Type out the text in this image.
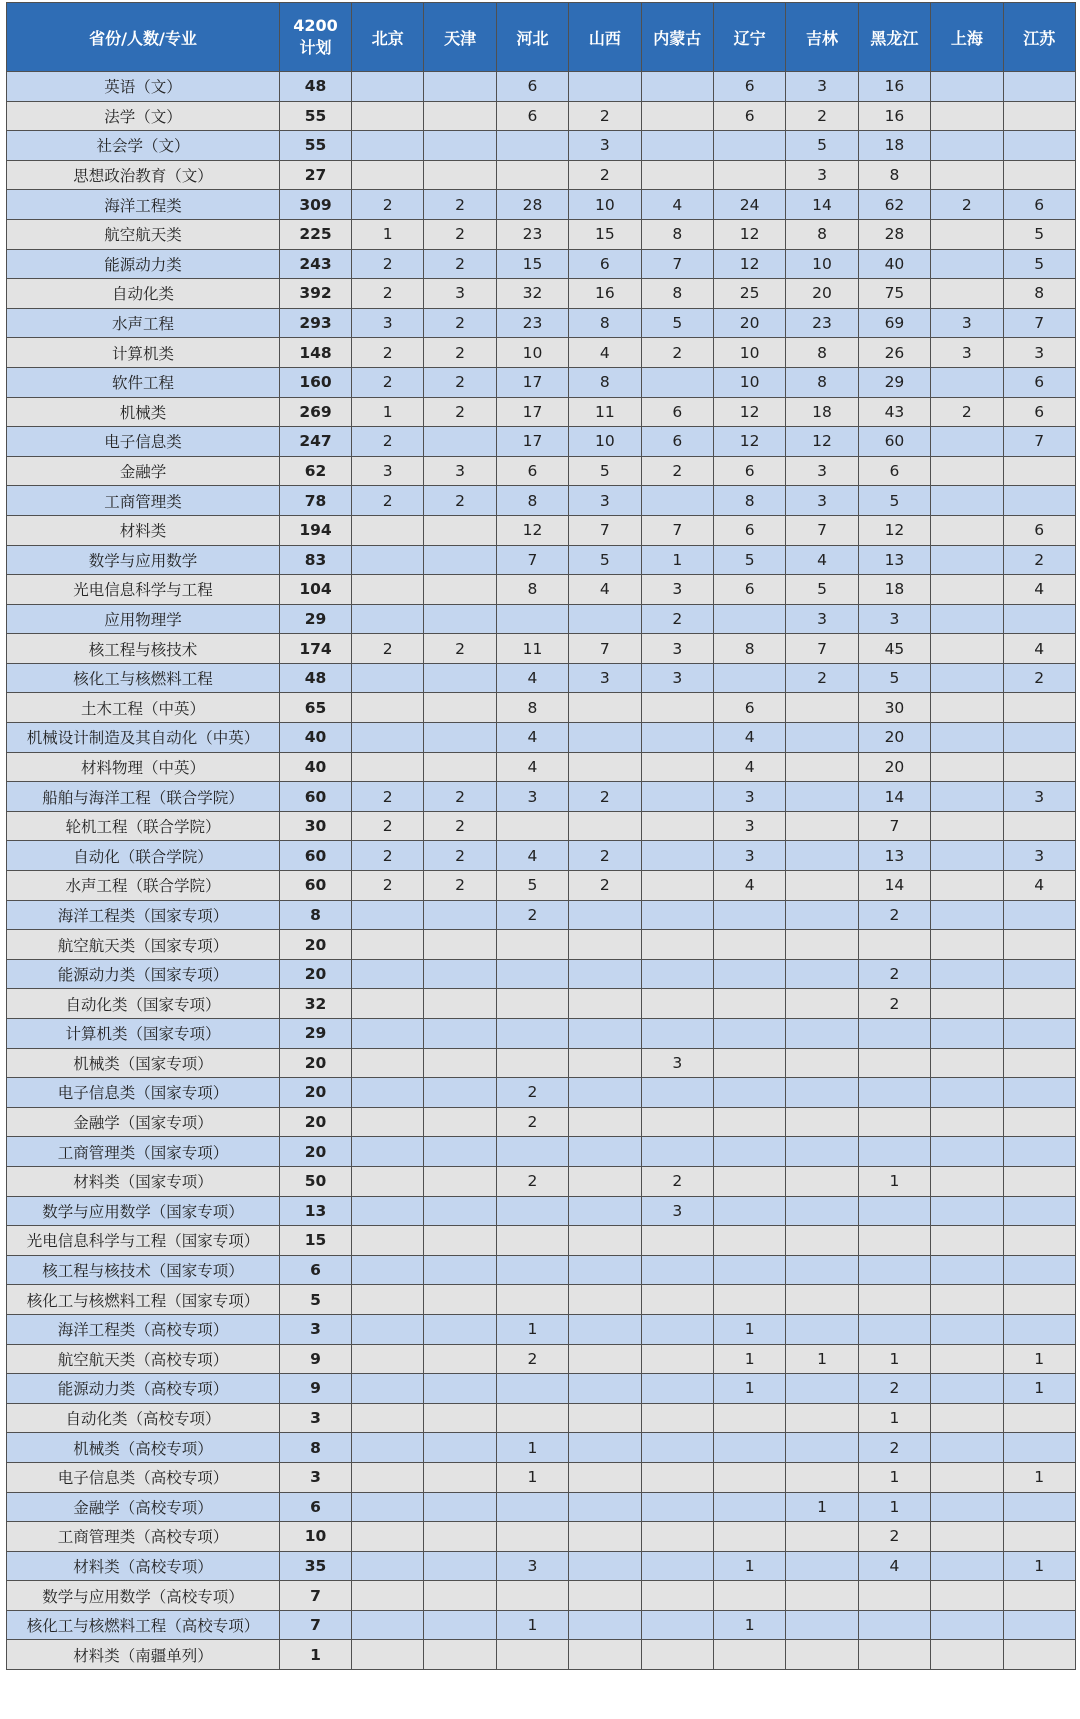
省份/人数/专业	4200
计划	北京	天津	河北	山西	内蒙古	辽宁	吉林	黑龙江	上海	江苏
英语（文）	48			6			6	3	16		
法学（文）	55			6	2		6	2	16		
社会学（文）	55				3			5	18		
思想政治教育（文）	27				2			3	8		
海洋工程类	309	2	2	28	10	4	24	14	62	2	6
航空航天类	225	1	2	23	15	8	12	8	28		5
能源动力类	243	2	2	15	6	7	12	10	40		5
自动化类	392	2	3	32	16	8	25	20	75		8
水声工程	293	3	2	23	8	5	20	23	69	3	7
计算机类	148	2	2	10	4	2	10	8	26	3	3
软件工程	160	2	2	17	8		10	8	29		6
机械类	269	1	2	17	11	6	12	18	43	2	6
电子信息类	247	2		17	10	6	12	12	60		7
金融学	62	3	3	6	5	2	6	3	6		
工商管理类	78	2	2	8	3		8	3	5		
材料类	194			12	7	7	6	7	12		6
数学与应用数学	83			7	5	1	5	4	13		2
光电信息科学与工程	104			8	4	3	6	5	18		4
应用物理学	29					2		3	3		
核工程与核技术	174	2	2	11	7	3	8	7	45		4
核化工与核燃料工程	48			4	3	3		2	5		2
土木工程（中英）	65			8			6		30		
机械设计制造及其自动化（中英）	40			4			4		20		
材料物理（中英）	40			4			4		20		
船舶与海洋工程（联合学院）	60	2	2	3	2		3		14		3
轮机工程（联合学院）	30	2	2				3		7		
自动化（联合学院）	60	2	2	4	2		3		13		3
水声工程（联合学院）	60	2	2	5	2		4		14		4
海洋工程类（国家专项）	8			2					2		
航空航天类（国家专项）	20										
能源动力类（国家专项）	20								2		
自动化类（国家专项）	32								2		
计算机类（国家专项）	29										
机械类（国家专项）	20					3					
电子信息类（国家专项）	20			2							
金融学（国家专项）	20			2							
工商管理类（国家专项）	20										
材料类（国家专项）	50			2		2			1		
数学与应用数学（国家专项）	13					3					
光电信息科学与工程（国家专项）	15										
核工程与核技术（国家专项）	6										
核化工与核燃料工程（国家专项）	5										
海洋工程类（高校专项）	3			1			1				
航空航天类（高校专项）	9			2			1	1	1		1
能源动力类（高校专项）	9						1		2		1
自动化类（高校专项）	3								1		
机械类（高校专项）	8			1					2		
电子信息类（高校专项）	3			1					1		1
金融学（高校专项）	6							1	1		
工商管理类（高校专项）	10								2		
材料类（高校专项）	35			3			1		4		1
数学与应用数学（高校专项）	7										
核化工与核燃料工程（高校专项）	7			1			1				
材料类（南疆单列）	1										
